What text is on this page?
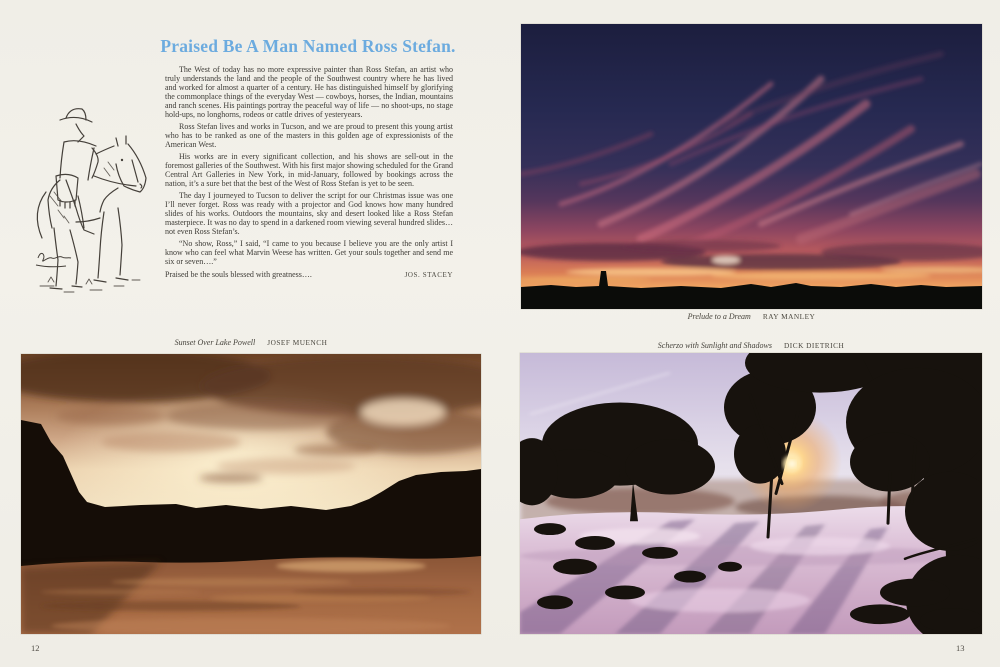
Praised Be A Man Named Ross Stefan.

The West of today has no more expressive painter than Ross Stefan, an artist who truly understands the land and the people of the Southwest country where he has lived and worked for almost a quarter of a century. He has distinguished himself by glorifying the commonplace things of the everyday West — cowboys, horses, the Indian, mountains and ranch scenes. His paintings portray the peaceful way of life — no shoot-ups, no stage hold-ups, no longhorns, rodeos or cattle drives of yesteryears.

Ross Stefan lives and works in Tucson, and we are proud to present this young artist who has to be ranked as one of the masters in this golden age of expressionists of the American West.

His works are in every significant collection, and his shows are sell-out in the foremost galleries of the Southwest. With his first major showing scheduled for the Grand Central Art Galleries in New York, in mid-January, followed by bookings across the nation, it’s a sure bet that the best of the West of Ross Stefan is yet to be seen.

The day I journeyed to Tucson to deliver the script for our Christmas issue was one I’ll never forget. Ross was ready with a projector and God knows how many hundred slides of his works. Outdoors the mountains, sky and desert looked like a Ross Stefan masterpiece. It was no day to spend in a darkened room viewing several hundred slides…not even Ross Stefan’s.

“No show, Ross,” I said, “I came to you because I believe you are the only artist I know who can feel what Marvin Weese has written. Get your souls together and send me six or seven….”

Praised be the souls blessed with greatness….	JOS. STACEY
Sunset Over Lake Powell JOSEF MUENCH
12
Prelude to a Dream RAY MANLEY
Scherzo with Sunlight and Shadows DICK DIETRICH
13
